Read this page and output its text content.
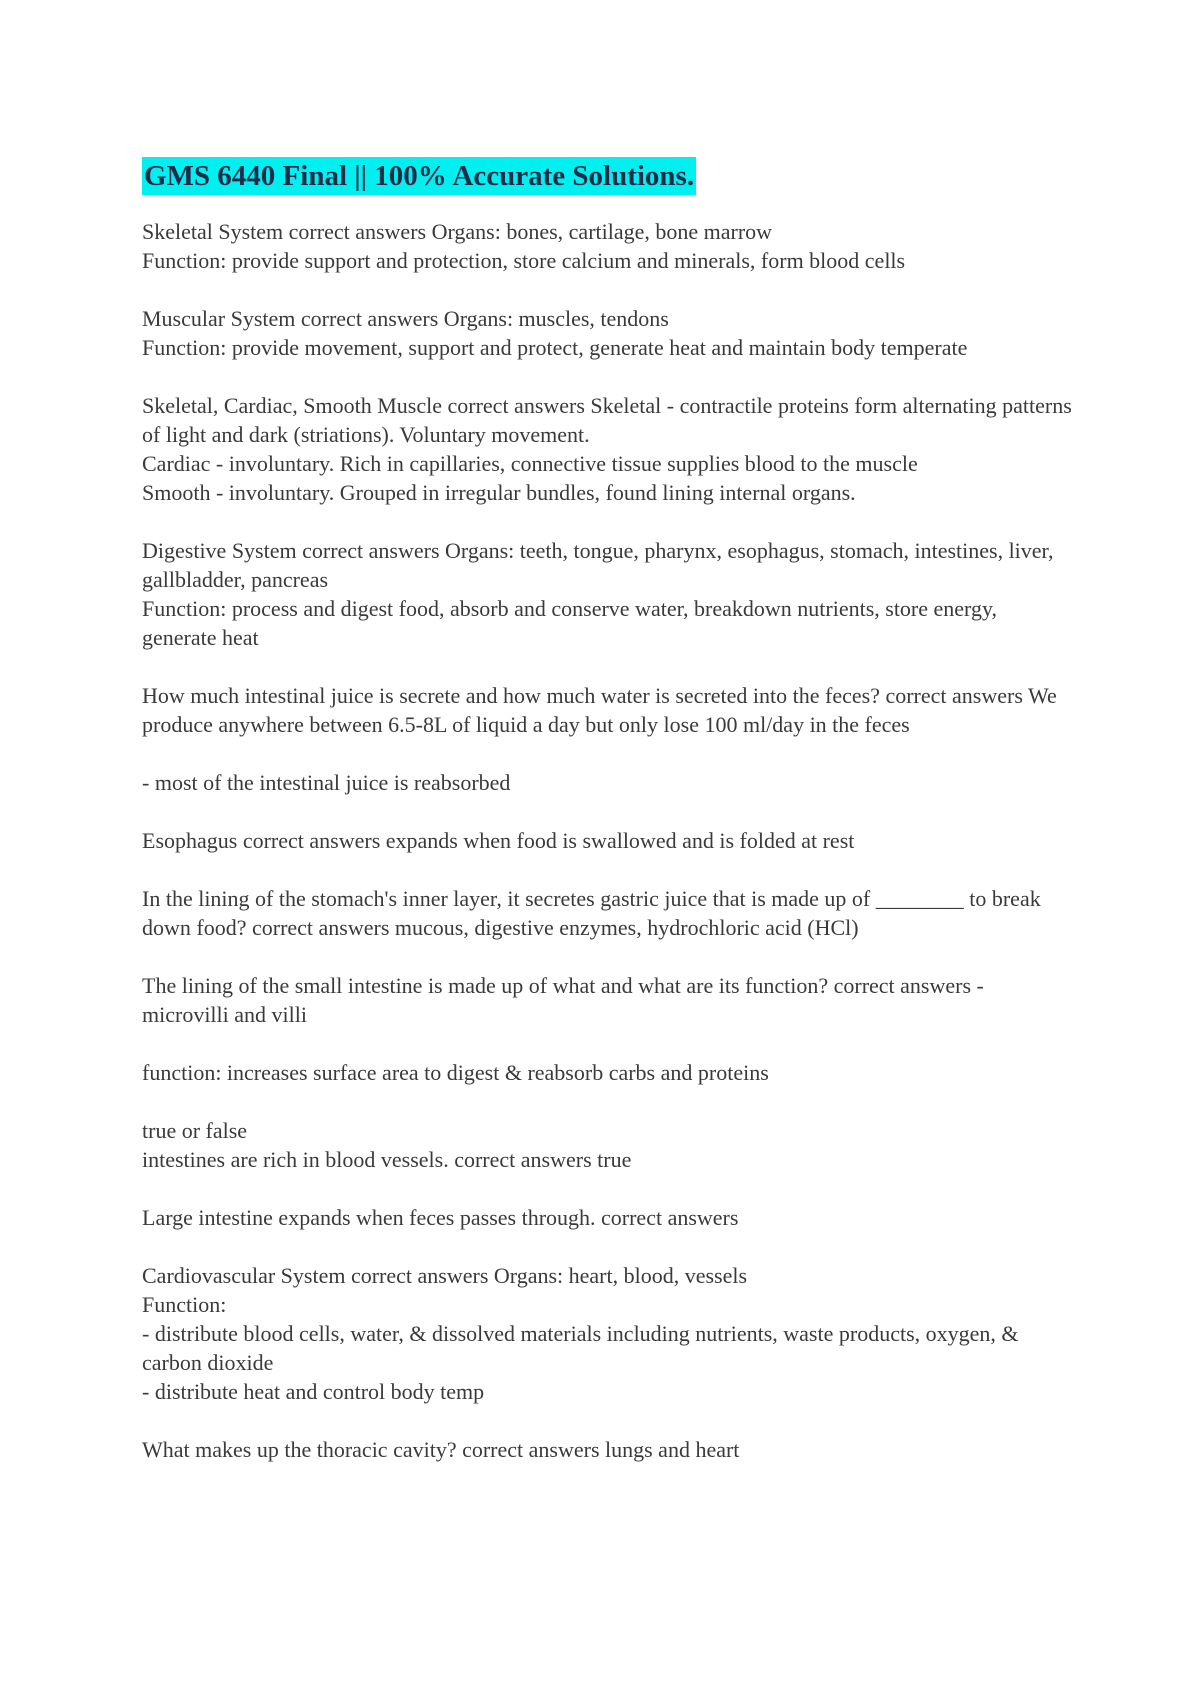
GMS 6440 Final || 100% Accurate Solutions.

Skeletal System correct answers Organs: bones, cartilage, bone marrow
Function: provide support and protection, store calcium and minerals, form blood cells

Muscular System correct answers Organs: muscles, tendons
Function: provide movement, support and protect, generate heat and maintain body temperate

Skeletal, Cardiac, Smooth Muscle correct answers Skeletal - contractile proteins form alternating patterns of light and dark (striations). Voluntary movement.
Cardiac - involuntary. Rich in capillaries, connective tissue supplies blood to the muscle
Smooth - involuntary. Grouped in irregular bundles, found lining internal organs.

Digestive System correct answers Organs: teeth, tongue, pharynx, esophagus, stomach, intestines, liver, gallbladder, pancreas
Function: process and digest food, absorb and conserve water, breakdown nutrients, store energy, generate heat

How much intestinal juice is secrete and how much water is secreted into the feces? correct answers We produce anywhere between 6.5-8L of liquid a day but only lose 100 ml/day in the feces

- most of the intestinal juice is reabsorbed

Esophagus correct answers expands when food is swallowed and is folded at rest

In the lining of the stomach's inner layer, it secretes gastric juice that is made up of ________ to break down food? correct answers mucous, digestive enzymes, hydrochloric acid (HCl)

The lining of the small intestine is made up of what and what are its function? correct answers - microvilli and villi

function: increases surface area to digest & reabsorb carbs and proteins

true or false
intestines are rich in blood vessels. correct answers true

Large intestine expands when feces passes through. correct answers

Cardiovascular System correct answers Organs: heart, blood, vessels
Function:
- distribute blood cells, water, & dissolved materials including nutrients, waste products, oxygen, & carbon dioxide
- distribute heat and control body temp

What makes up the thoracic cavity? correct answers lungs and heart
